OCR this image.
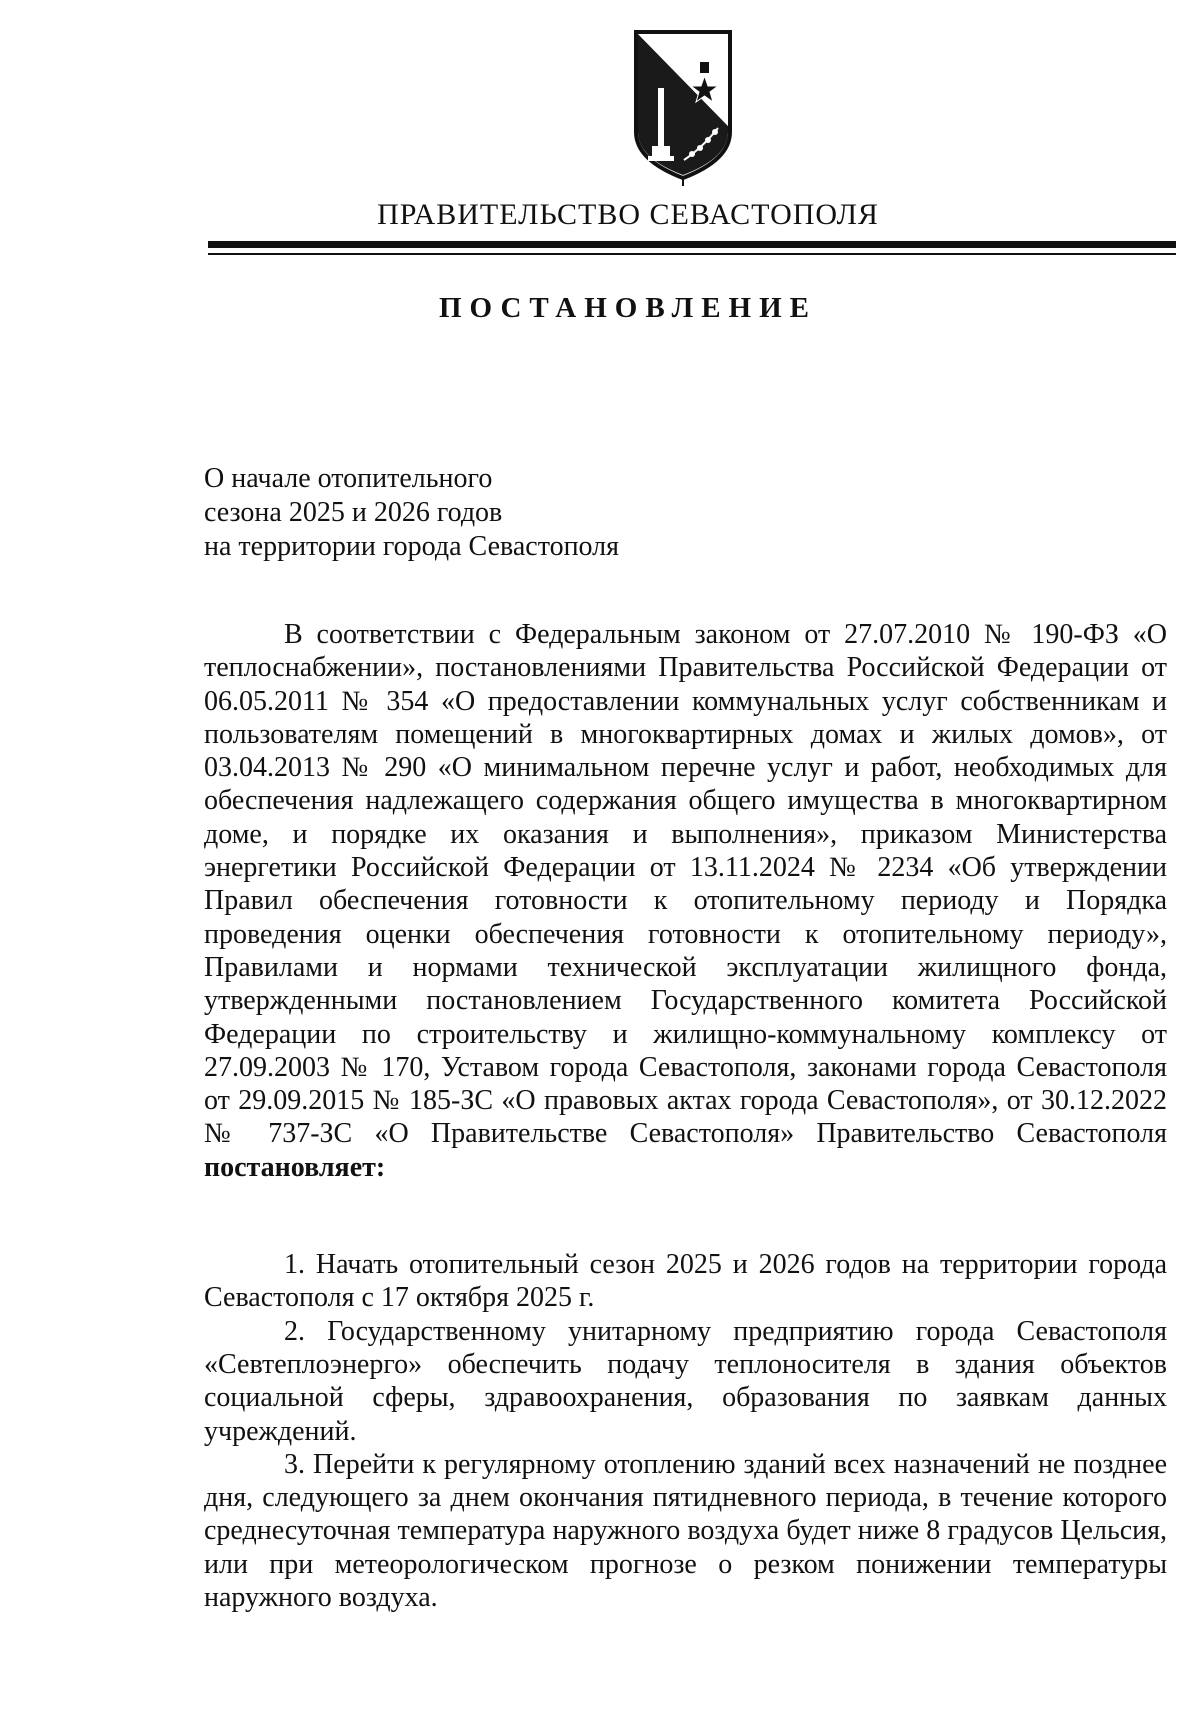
ПРАВИТЕЛЬСТВО СЕВАСТОПОЛЯ
ПОСТАНОВЛЕНИЕ
О начале отопительного
сезона 2025 и 2026 годов
на территории города Севастополя

В соответствии с Федеральным законом от 27.07.2010 № 190-ФЗ «О теплоснабжении», постановлениями Правительства Российской Федерации от 06.05.2011 № 354 «О предоставлении коммунальных услуг собственникам и пользователям помещений в многоквартирных домах и жилых домов», от 03.04.2013 № 290 «О минимальном перечне услуг и работ, необходимых для обеспечения надлежащего содержания общего имущества в многоквартирном доме, и порядке их оказания и выполнения», приказом Министерства энергетики Российской Федерации от 13.11.2024 № 2234 «Об утверждении Правил обеспечения готовности к отопительному периоду и Порядка проведения оценки обеспечения готовности к отопительному периоду», Правилами и нормами технической эксплуатации жилищного фонда, утвержденными постановлением Государственного комитета Российской Федерации по строительству и жилищно-коммунальному комплексу от 27.09.2003 № 170, Уставом города Севастополя, законами города Севастополя от 29.09.2015 № 185-ЗС «О правовых актах города Севастополя», от 30.12.2022 № 737-ЗС «О Правительстве Севастополя» Правительство Севастополя постановляет:

1. Начать отопительный сезон 2025 и 2026 годов на территории города Севастополя с 17 октября 2025 г.

2. Государственному унитарному предприятию города Севастополя «Севтеплоэнерго» обеспечить подачу теплоносителя в здания объектов социальной сферы, здравоохранения, образования по заявкам данных учреждений.

3. Перейти к регулярному отоплению зданий всех назначений не позднее дня, следующего за днем окончания пятидневного периода, в течение которого среднесуточная температура наружного воздуха будет ниже 8 градусов Цельсия, или при метеорологическом прогнозе о резком понижении температуры наружного воздуха.
